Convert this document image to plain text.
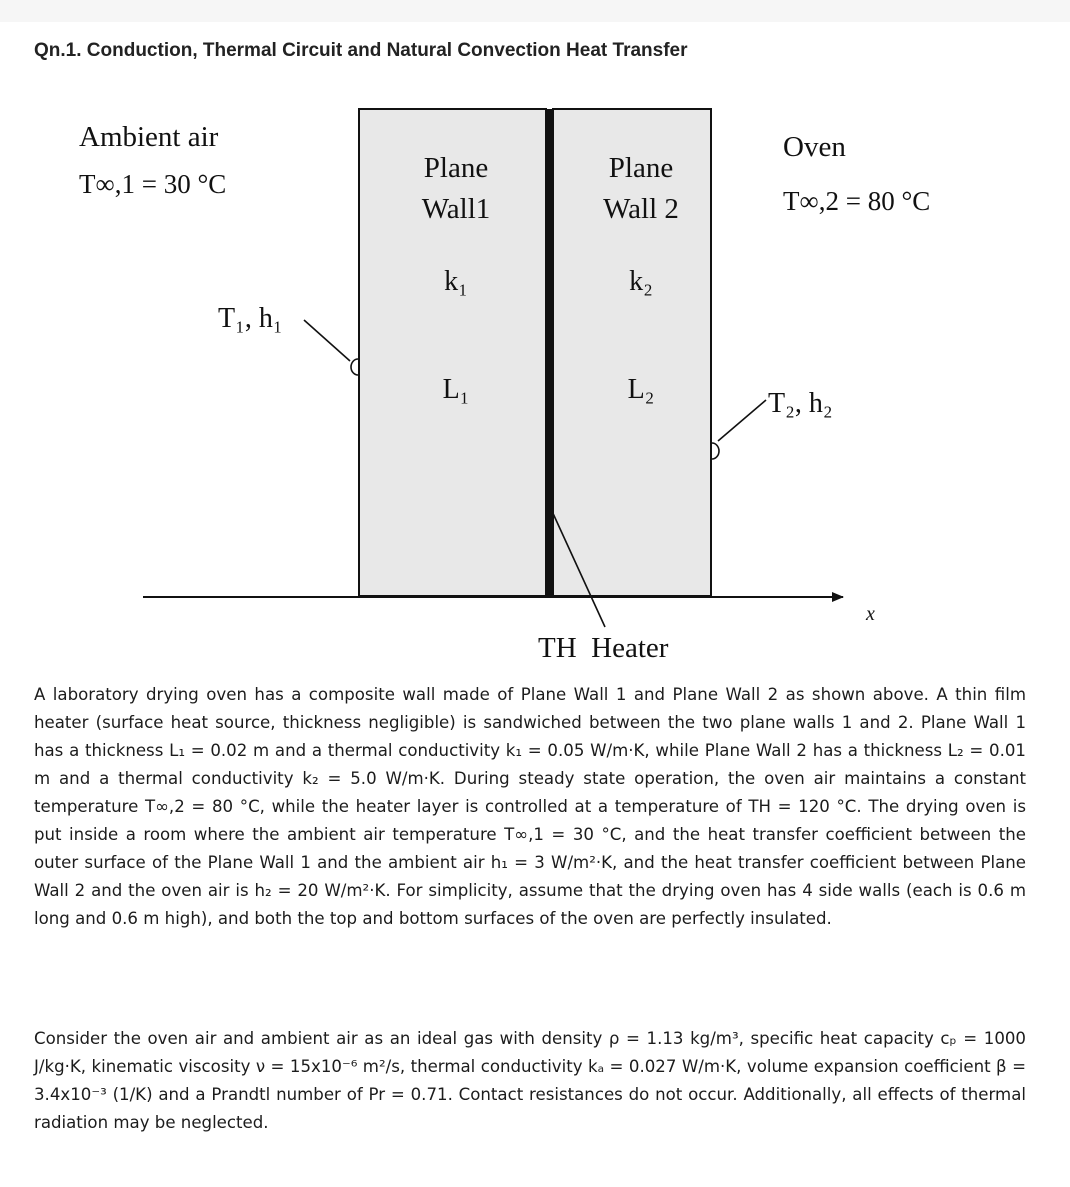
Qn.1. Conduction, Thermal Circuit and Natural Convection Heat Transfer
x
Ambient air
T∞,1 = 30 °C
Oven
T∞,2 = 80 °C
Plane
Wall1
k₁
L₁
Plane
Wall 2
k₂
L₂
T₁, h₁
T₂, h₂
TH  Heater

A laboratory drying oven has a composite wall made of Plane Wall 1 and Plane Wall 2 as shown above. A thin film heater (surface heat source, thickness negligible) is sandwiched between the two plane walls 1 and 2. Plane Wall 1 has a thickness L₁ = 0.02 m and a thermal conductivity k₁ = 0.05 W/m·K, while Plane Wall 2 has a thickness L₂ = 0.01 m and a thermal conductivity k₂ = 5.0 W/m·K. During steady state operation, the oven air maintains a constant temperature T∞,2 = 80 °C, while the heater layer is controlled at a temperature of TH = 120 °C. The drying oven is put inside a room where the ambient air temperature T∞,1 = 30 °C, and the heat transfer coefficient between the outer surface of the Plane Wall 1 and the ambient air h₁ = 3 W/m²·K, and the heat transfer coefficient between Plane Wall 2 and the oven air is h₂ = 20 W/m²·K. For simplicity, assume that the drying oven has 4 side walls (each is 0.6 m long and 0.6 m high), and both the top and bottom surfaces of the oven are perfectly insulated.

Consider the oven air and ambient air as an ideal gas with density ρ = 1.13 kg/m³, specific heat capacity cₚ = 1000 J/kg·K, kinematic viscosity ν = 15x10⁻⁶ m²/s, thermal conductivity kₐ = 0.027 W/m·K, volume expansion coefficient β = 3.4x10⁻³ (1/K) and a Prandtl number of Pr = 0.71. Contact resistances do not occur. Additionally, all effects of thermal radiation may be neglected.
